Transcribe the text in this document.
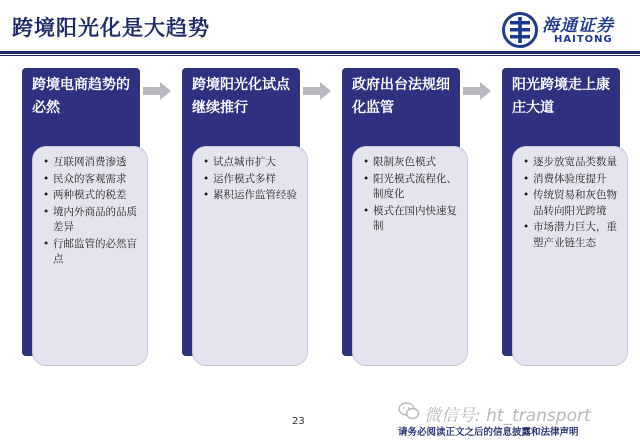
跨境阳光化是大趋势	海通证券
HAITONG
跨境电商趋势的必然
• 互联网消费渗透
• 民众的客观需求
• 两种模式的税差
• 境内外商品的品质差异
• 行邮监管的必然盲点
跨境阳光化试点继续推行
• 试点城市扩大
• 运作模式多样
• 累积运作监管经验
政府出台法规细化监管
• 限制灰色模式
• 阳光模式流程化、制度化
• 模式在国内快速复制
阳光跨境走上康庄大道
• 逐步放宽品类数量
• 消费体验度提升
• 传统贸易和灰色物品转向阳光跨境
• 市场潜力巨大，重塑产业链生态
23	微信号: ht_transport
请务必阅读正文之后的信息披露和法律声明
